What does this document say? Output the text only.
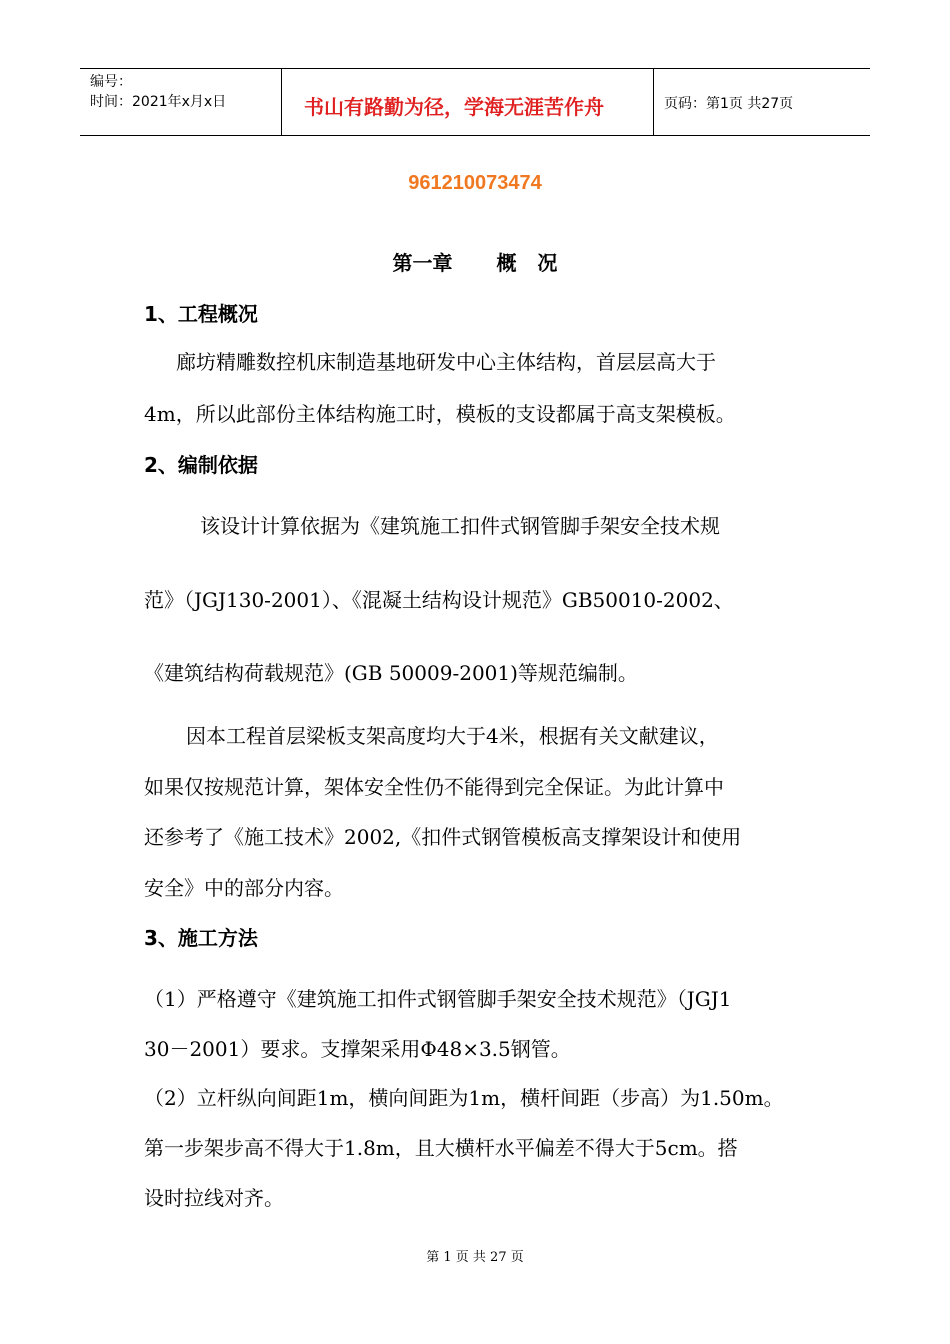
编号：
时间：2021年x月x日	书山有路勤为径，学海无涯苦作舟	页码：第1页 共27页
961210073474
第一章 概   况
1、工程概况
廊坊精雕数控机床制造基地研发中心主体结构，首层层高大于
4m，所以此部份主体结构施工时，模板的支设都属于高支架模板。
2、编制依据
该设计计算依据为《建筑施工扣件式钢管脚手架安全技术规
范》（JGJ130-2001）、《混凝土结构设计规范》GB50010-2002、
《建筑结构荷载规范》(GB 50009-2001)等规范编制。
因本工程首层梁板支架高度均大于4米，根据有关文献建议，
如果仅按规范计算，架体安全性仍不能得到完全保证。为此计算中
还参考了《施工技术》2002,《扣件式钢管模板高支撑架设计和使用
安全》中的部分内容。
3、施工方法
（1）严格遵守《建筑施工扣件式钢管脚手架安全技术规范》（JGJ1
30－2001）要求。支撑架采用Φ48×3.5钢管。
（2）立杆纵向间距1m，横向间距为1m，横杆间距（步高）为1.50m。
第一步架步高不得大于1.8m，且大横杆水平偏差不得大于5cm。搭
设时拉线对齐。
第 1 页 共 27 页
